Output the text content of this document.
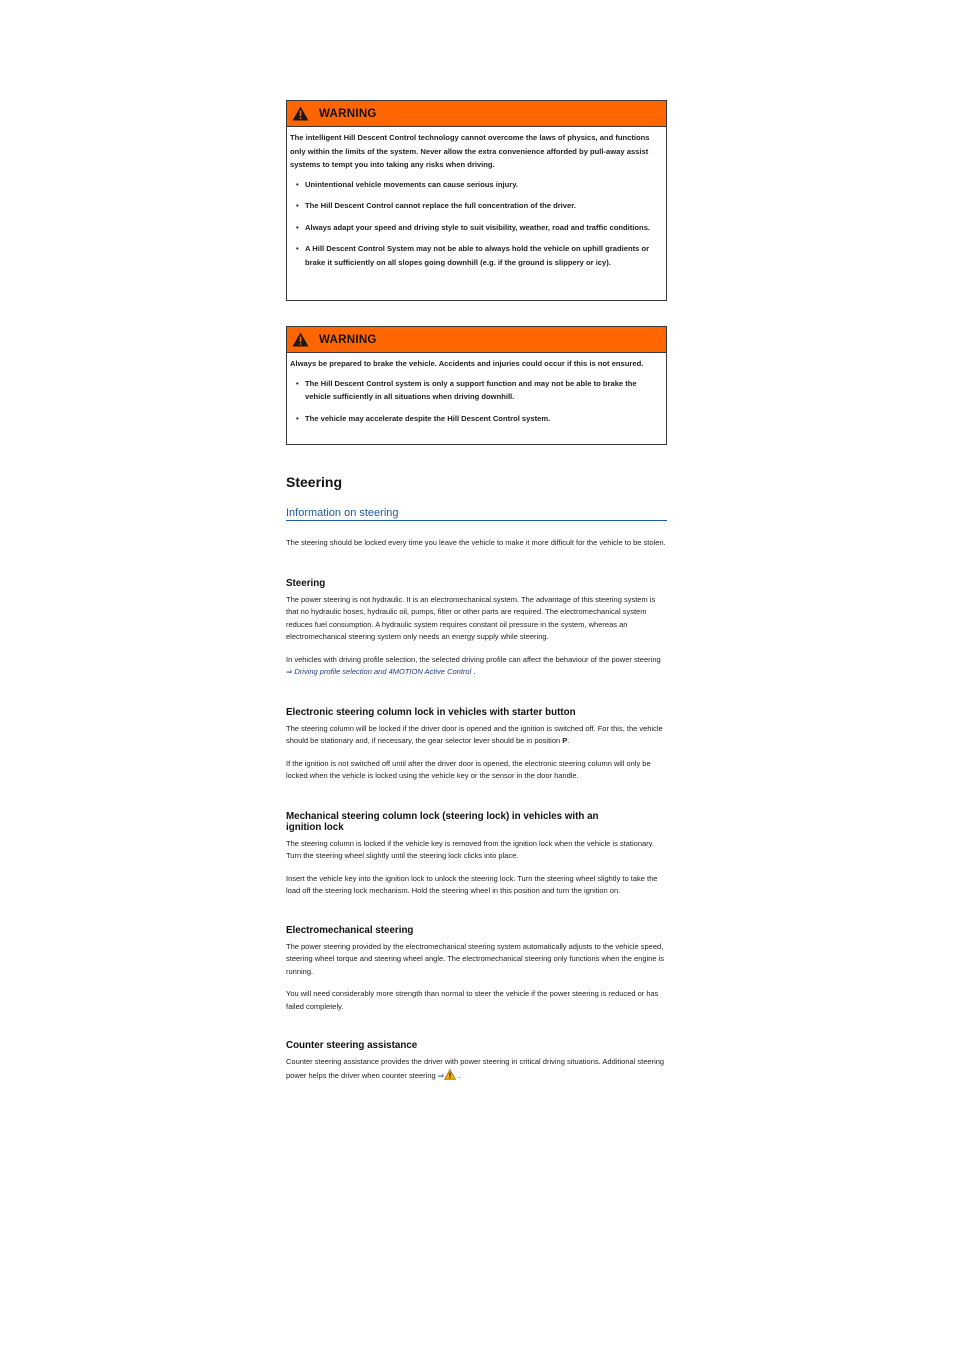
WARNING

The intelligent Hill Descent Control technology cannot overcome the laws of physics, and functions only within the limits of the system. Never allow the extra convenience afforded by pull-away assist systems to tempt you into taking any risks when driving.

• Unintentional vehicle movements can cause serious injury.
• The Hill Descent Control cannot replace the full concentration of the driver.
• Always adapt your speed and driving style to suit visibility, weather, road and traffic conditions.
• A Hill Descent Control System may not be able to always hold the vehicle on uphill gradients or brake it sufficiently on all slopes going downhill (e.g. if the ground is slippery or icy).
WARNING

Always be prepared to brake the vehicle. Accidents and injuries could occur if this is not ensured.

• The Hill Descent Control system is only a support function and may not be able to brake the vehicle sufficiently in all situations when driving downhill.
• The vehicle may accelerate despite the Hill Descent Control system.
Steering
Information on steering

The steering should be locked every time you leave the vehicle to make it more difficult for the vehicle to be stolen.

Steering

The power steering is not hydraulic. It is an electromechanical system. The advantage of this steering system is that no hydraulic hoses, hydraulic oil, pumps, filter or other parts are required. The electromechanical system reduces fuel consumption. A hydraulic system requires constant oil pressure in the system, whereas an electromechanical steering system only needs an energy supply while steering.

In vehicles with driving profile selection, the selected driving profile can affect the behaviour of the power steering ⇒ Driving profile selection and 4MOTION Active Control .

Electronic steering column lock in vehicles with starter button

The steering column will be locked if the driver door is opened and the ignition is switched off. For this, the vehicle should be stationary and, if necessary, the gear selector lever should be in position P.

If the ignition is not switched off until after the driver door is opened, the electronic steering column will only be locked when the vehicle is locked using the vehicle key or the sensor in the door handle.

Mechanical steering column lock (steering lock) in vehicles with an ignition lock

The steering column is locked if the vehicle key is removed from the ignition lock when the vehicle is stationary. Turn the steering wheel slightly until the steering lock clicks into place.

Insert the vehicle key into the ignition lock to unlock the steering lock. Turn the steering wheel slightly to take the load off the steering lock mechanism. Hold the steering wheel in this position and turn the ignition on.

Electromechanical steering

The power steering provided by the electromechanical steering system automatically adjusts to the vehicle speed, steering wheel torque and steering wheel angle. The electromechanical steering only functions when the engine is running.

You will need considerably more strength than normal to steer the vehicle if the power steering is reduced or has failed completely.

Counter steering assistance

Counter steering assistance provides the driver with power steering in critical driving situations. Additional steering power helps the driver when counter steering ⇒ .
